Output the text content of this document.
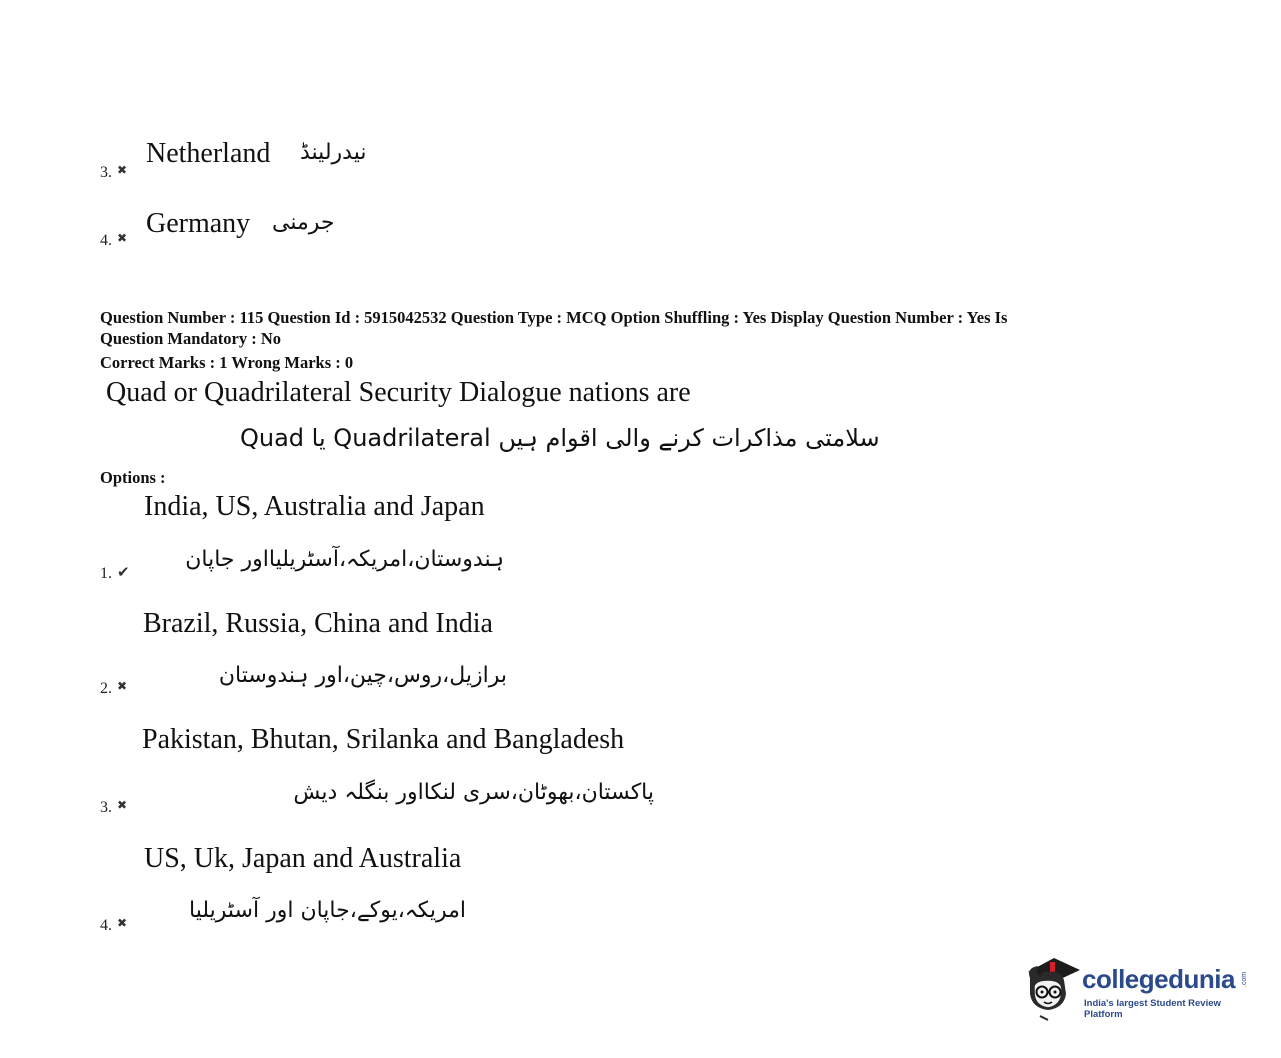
3. ✖
Netherland نیدرلینڈ
4. ✖ Germany جرمنی
Question Number : 115 Question Id : 5915042532 Question Type : MCQ Option Shuffling : Yes Display Question Number : Yes Is
Question Mandatory : No
Correct Marks : 1 Wrong Marks : 0
Quad or Quadrilateral Security Dialogue nations are
Quad یا Quadrilateral سلامتی مذاکرات کرنے والی اقوام ہیں
Options :
India, US, Australia and Japan
ہندوستان،امریکہ،آسٹریلیااور جاپان
1. ✔
Brazil, Russia, China and India
برازیل،روس،چین،اور ہندوستان
2. ✖
Pakistan, Bhutan, Srilanka and Bangladesh
پاکستان،بھوٹان،سری لنکااور بنگلہ دیش
3. ✖
US, Uk, Japan and Australia
امریکہ،یوکے،جاپان اور آسٹریلیا
4. ✖
collegedunia .com
India's largest Student Review Platform
